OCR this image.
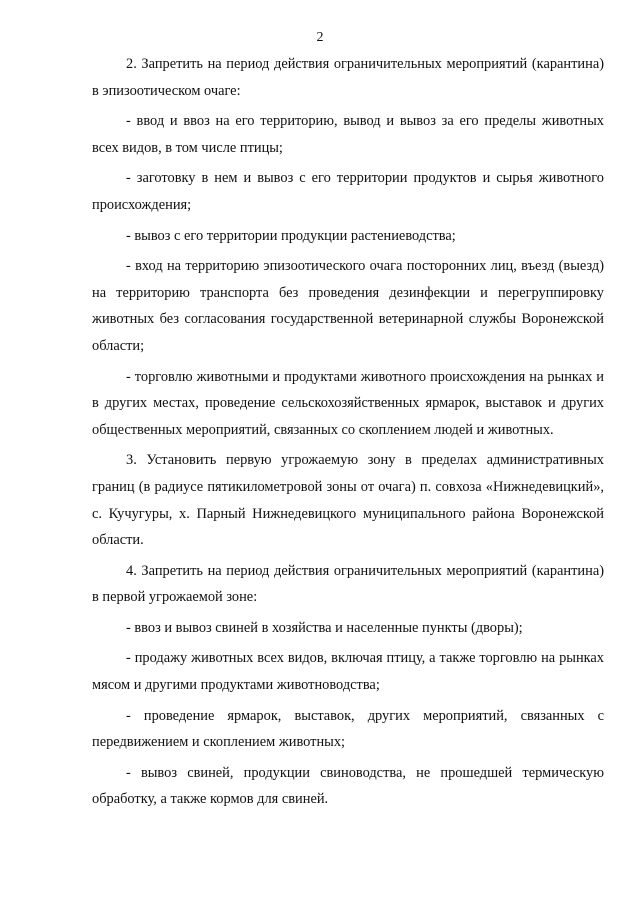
2

2. Запретить на период действия ограничительных мероприятий (карантина) в эпизоотическом очаге:

- ввод и ввоз на его территорию, вывод и вывоз за его пределы животных всех видов, в том числе птицы;

- заготовку в нем и вывоз с его территории продуктов и сырья животного происхождения;

- вывоз с его территории продукции растениеводства;

- вход на территорию эпизоотического очага посторонних лиц, въезд (выезд) на территорию транспорта без проведения дезинфекции и перегруппировку животных без согласования государственной ветеринарной службы Воронежской области;

- торговлю животными и продуктами животного происхождения на рынках и в других местах, проведение сельскохозяйственных ярмарок, выставок и других общественных мероприятий, связанных со скоплением людей и животных.

3. Установить первую угрожаемую зону в пределах административных границ (в радиусе пятикилометровой зоны от очага) п. совхоза «Нижнедевицкий», с. Кучугуры, х. Парный Нижнедевицкого муниципального района Воронежской области.

4. Запретить на период действия ограничительных мероприятий (карантина) в первой угрожаемой зоне:

- ввоз и вывоз свиней в хозяйства и населенные пункты (дворы);

- продажу животных всех видов, включая птицу, а также торговлю на рынках мясом и другими продуктами животноводства;

- проведение ярмарок, выставок, других мероприятий, связанных с передвижением и скоплением животных;

- вывоз свиней, продукции свиноводства, не прошедшей термическую обработку, а также кормов для свиней.
